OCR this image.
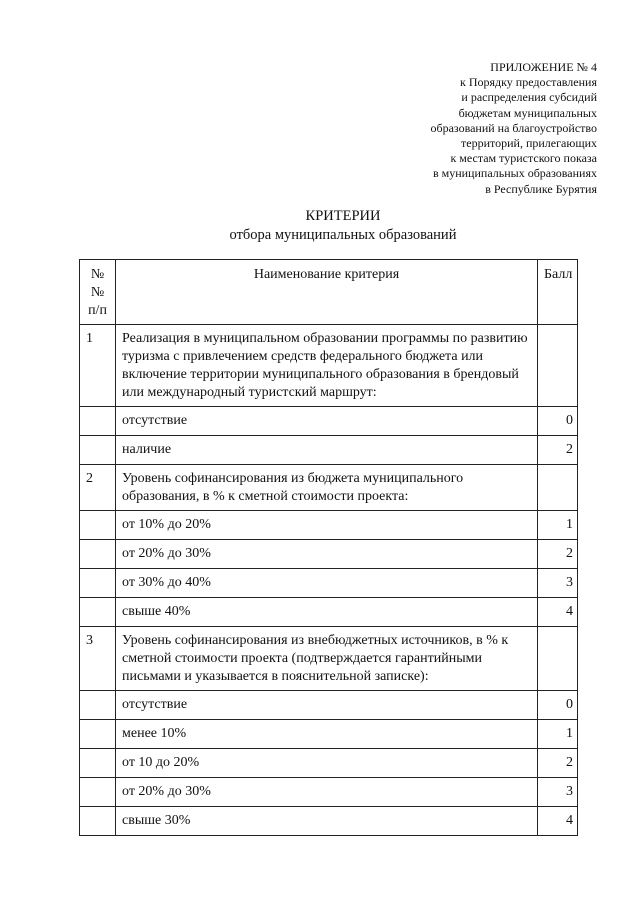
ПРИЛОЖЕНИЕ № 4
к Порядку предоставления
и распределения субсидий
бюджетам муниципальных
образований на благоустройство
территорий, прилегающих
к местам туристского показа
в муниципальных образованиях
в Республике Бурятия
КРИТЕРИИ
отбора муниципальных образований
№№ п/п	Наименование критерия	Балл
1	Реализация в муниципальном образовании программы по развитию туризма с привлечением средств федерального бюджета или включение территории муниципального образования в брендовый или международный туристский маршрут:	
	отсутствие	0
	наличие	2
2	Уровень софинансирования из бюджета муниципального образования, в % к сметной стоимости проекта:	
	от 10% до 20%	1
	от 20% до 30%	2
	от 30% до 40%	3
	свыше 40%	4
3	Уровень софинансирования из внебюджетных источников, в % к сметной стоимости проекта (подтверждается гарантийными письмами и указывается в пояснительной записке):	
	отсутствие	0
	менее 10%	1
	от 10 до 20%	2
	от 20% до 30%	3
	свыше 30%	4
